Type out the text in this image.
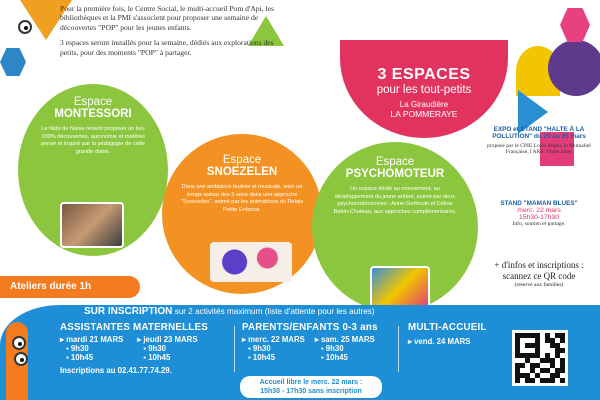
Pour la première fois, le Centre Social, le multi-accueil Pom d'Api, les bibliothèques et la PMI s'associent pour proposer une semaine de découvertes "POP" pour les jeunes enfants.

3 espaces seront installés pour la semaine, dédiés aux explorations des petits, pour des moments "POP" à partager.

3 ESPACES
pour les tout-petits
La Giraudière
LA POMMERAYE
Espace
MONTESSORI

Le Nido de Nanie revient proposer un lieu 100% découvertes, autonomie et matériel pensé et inspiré par la pédagogie de cette grande dame.

Espace
SNOEZELEN

Dans une ambiance feutrée et musicale, voici un temps autour des 5 sens dans une approche "Snoezelen", animé par les animatrices du Relais Petite Enfance.

Espace
PSYCHOMOTEUR

Un espace dédié au mouvement, au développement du jeune enfant, animé par deux psychomotriciennes : Anne-Gerbouin et Céline Babin-Choteau, aux approches complémentaires.

EXPO et STAND "HALTE À LA POLLUTION" du 20 au 25 mars
proposé par le CPIE Loire Anjou, la Mutualité Française, l'ARS. Visite libre.
STAND "MAMAN BLUES"
merc. 22 mars
15h30-17h30
Info, soutien et partage.
+ d'infos et inscriptions :
scannez ce QR code
(réservé aux familles)
Ateliers durée 1h
SUR INSCRIPTION sur 2 activités maximum (liste d'attente pour les autres)
ASSISTANTES MATERNELLES
▸ mardi 21 MARS
▪ 9h30
▪ 10h45
▸ jeudi 23 MARS
▪ 9h30
▪ 10h45
Inscriptions au 02.41.77.74.29.
PARENTS/ENFANTS 0-3 ans
▸ merc. 22 MARS
▪ 9h30
▪ 10h45
▸ sam. 25 MARS
▪ 9h30
▪ 10h45
Accueil libre le merc. 22 mars :
15h30 - 17h30 sans inscription
MULTI-ACCUEIL
▸ vend. 24 MARS
